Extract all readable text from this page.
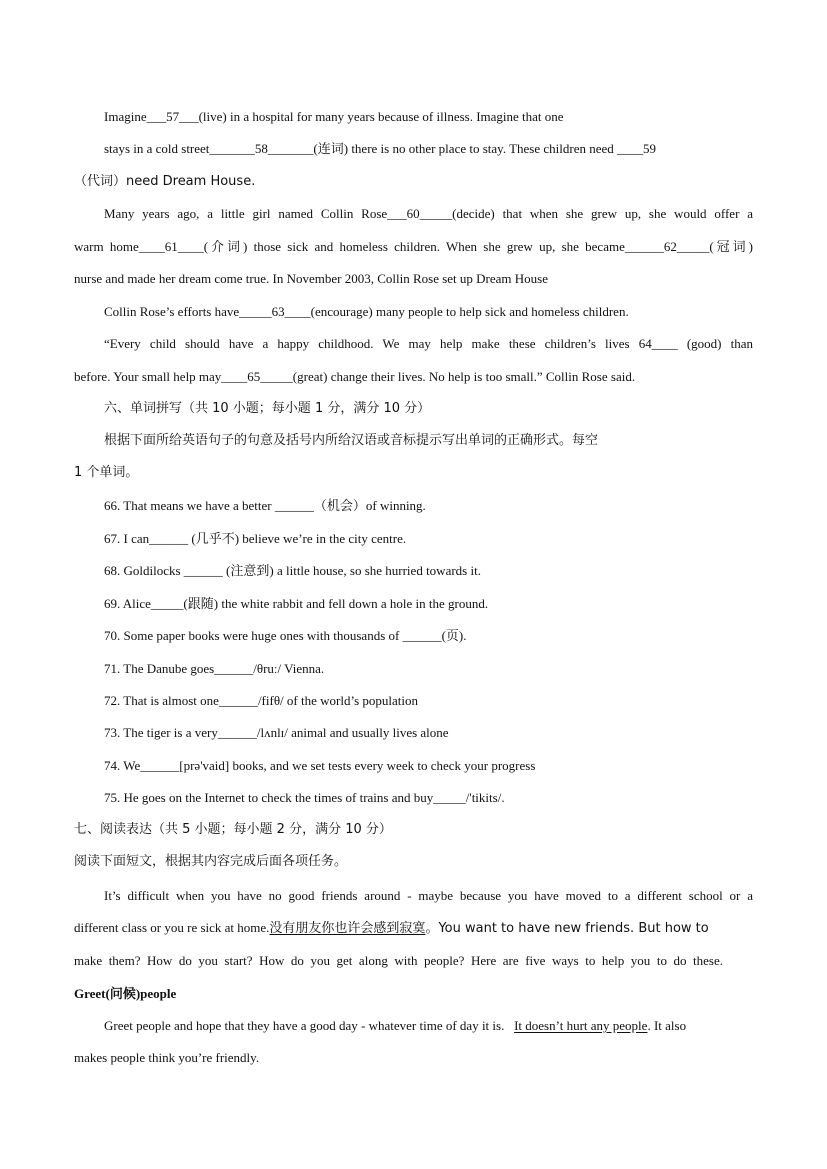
Imagine___57___(live) in a hospital for many years because of illness. Imagine that one
stays in a cold street_______58_______(连词) there is no other place to stay. These children need ____59
（代词）need Dream House.
Many years ago, a little girl named Collin Rose___60_____(decide) that when she grew up, she would offer a
warm home____61____(介词) those sick and homeless children. When she grew up, she became______62_____(冠词)
nurse and made her dream come true. In November 2003, Collin Rose set up Dream House
Collin Rose’s efforts have_____63____(encourage) many people to help sick and homeless children.
“Every child should have a happy childhood. We may help make these children’s lives 64____ (good) than
before. Your small help may____65_____(great) change their lives. No help is too small.” Collin Rose said.
六、单词拼写（共 10 小题；每小题 1 分，满分 10 分）
根据下面所给英语句子的句意及括号内所给汉语或音标提示写出单词的正确形式。每空
1 个单词。
66. That means we have a better ______（机会）of winning.
67. I can______ (几乎不) believe we’re in the city centre.
68. Goldilocks ______ (注意到) a little house, so she hurried towards it.
69. Alice_____(跟随) the white rabbit and fell down a hole in the ground.
70. Some paper books were huge ones with thousands of ______(页).
71. The Danube goes______/θruː/ Vienna.
72. That is almost one______/fifθ/ of the world’s population
73. The tiger is a very______/lʌnlɪ/ animal and usually lives alone
74. We______[prə'vaid] books, and we set tests every week to check your progress
75. He goes on the Internet to check the times of trains and buy_____/'tikits/.
七、阅读表达（共 5 小题；每小题 2 分，满分 10 分）
阅读下面短文，根据其内容完成后面各项任务。
It’s difficult when you have no good friends around - maybe because you have moved to a different school or a
different class or you re sick at home.没有朋友你也许会感到寂寞。You want to have new friends. But how to
make them? How do you start? How do you get along with people? Here are five ways to help you to do these.
Greet(问候)people
Greet people and hope that they have a good day - whatever time of day it is. It doesn’t hurt any people. It also
makes people think you’re friendly.
